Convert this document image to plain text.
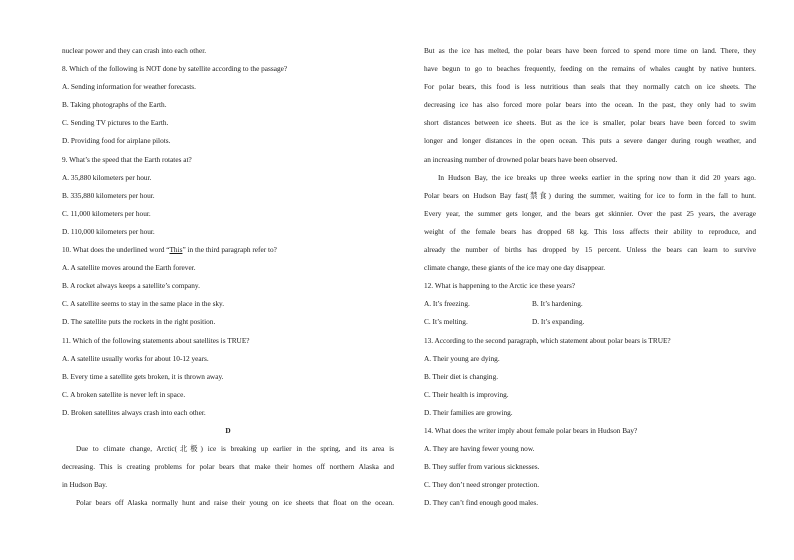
nuclear power and they can crash into each other.
8. Which of the following is NOT done by satellite according to the passage?
A. Sending information for weather forecasts.
B. Taking photographs of the Earth.
C. Sending TV pictures to the Earth.
D. Providing food for airplane pilots.
9. What’s the speed that the Earth rotates at?
A. 35,880 kilometers per hour.
B. 335,880 kilometers per hour.
C. 11,000 kilometers per hour.
D. 110,000 kilometers per hour.
10. What does the underlined word “This” in the third paragraph refer to?
A. A satellite moves around the Earth forever.
B. A rocket always keeps a satellite’s company.
C. A satellite seems to stay in the same place in the sky.
D. The satellite puts the rockets in the right position.
11. Which of the following statements about satellites is TRUE?
A. A satellite usually works for about 10-12 years.
B. Every time a satellite gets broken, it is thrown away.
C. A broken satellite is never left in space.
D. Broken satellites always crash into each other.
D
Due to climate change, Arctic(北极) ice is breaking up earlier in the spring, and its area is
decreasing. This is creating problems for polar bears that make their homes off northern Alaska and
in Hudson Bay.
Polar bears off Alaska normally hunt and raise their young on ice sheets that float on the ocean.
But as the ice has melted, the polar bears have been forced to spend more time on land. There, they
have begun to go to beaches frequently, feeding on the remains of whales caught by native hunters.
For polar bears, this food is less nutritious than seals that they normally catch on ice sheets. The
decreasing ice has also forced more polar bears into the ocean. In the past, they only had to swim
short distances between ice sheets. But as the ice is smaller, polar bears have been forced to swim
longer and longer distances in the open ocean. This puts a severe danger during rough weather, and
an increasing number of drowned polar bears have been observed.
In Hudson Bay, the ice breaks up three weeks earlier in the spring now than it did 20 years ago.
Polar bears on Hudson Bay fast(禁食) during the summer, waiting for ice to form in the fall to hunt.
Every year, the summer gets longer, and the bears get skinnier. Over the past 25 years, the average
weight of the female bears has dropped 68 kg. This loss affects their ability to reproduce, and
already the number of births has dropped by 15 percent. Unless the bears can learn to survive
climate change, these giants of the ice may one day disappear.
12. What is happening to the Arctic ice these years?
A. It’s freezing.	B. It’s hardening.
C. It’s melting.	D. It’s expanding.
13. According to the second paragraph, which statement about polar bears is TRUE?
A. Their young are dying.
B. Their diet is changing.
C. Their health is improving.
D. Their families are growing.
14. What does the writer imply about female polar bears in Hudson Bay?
A. They are having fewer young now.
B. They suffer from various sicknesses.
C. They don’t need stronger protection.
D. They can’t find enough good males.
